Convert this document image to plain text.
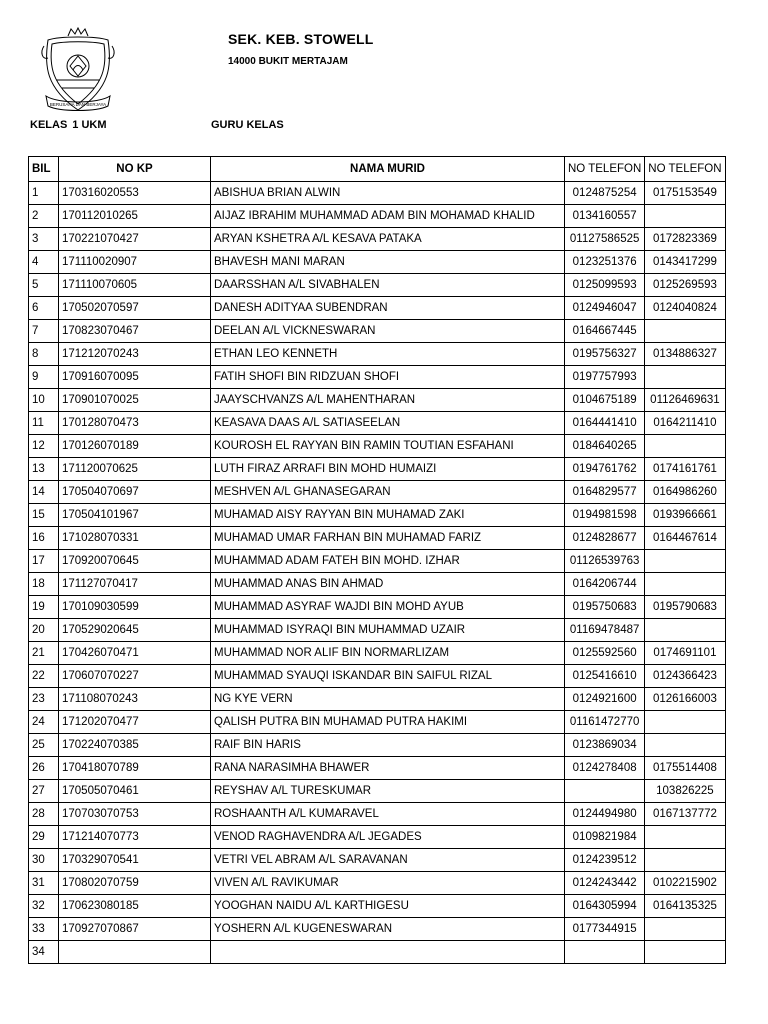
BERUSAHA DAN BERJAYA
SEK. KEB. STOWELL
14000 BUKIT MERTAJAM
KELAS 1 UKM	GURU KELAS
BIL	NO KP	NAMA MURID	NO TELEFON	NO TELEFON
1	170316020553	ABISHUA BRIAN ALWIN	0124875254	0175153549
2	170112010265	AIJAZ IBRAHIM MUHAMMAD ADAM BIN MOHAMAD KHALID	0134160557	
3	170221070427	ARYAN KSHETRA A/L KESAVA PATAKA	01127586525	0172823369
4	171110020907	BHAVESH MANI MARAN	0123251376	0143417299
5	171110070605	DAARSSHAN A/L SIVABHALEN	0125099593	0125269593
6	170502070597	DANESH ADITYAA SUBENDRAN	0124946047	0124040824
7	170823070467	DEELAN A/L VICKNESWARAN	0164667445	
8	171212070243	ETHAN LEO KENNETH	0195756327	0134886327
9	170916070095	FATIH SHOFI BIN RIDZUAN SHOFI	0197757993	
10	170901070025	JAAYSCHVANZS A/L MAHENTHARAN	0104675189	01126469631
11	170128070473	KEASAVA DAAS A/L SATIASEELAN	0164441410	0164211410
12	170126070189	KOUROSH EL RAYYAN BIN RAMIN TOUTIAN ESFAHANI	0184640265	
13	171120070625	LUTH FIRAZ ARRAFI BIN MOHD HUMAIZI	0194761762	0174161761
14	170504070697	MESHVEN A/L GHANASEGARAN	0164829577	0164986260
15	170504101967	MUHAMAD AISY RAYYAN BIN MUHAMAD ZAKI	0194981598	0193966661
16	171028070331	MUHAMAD UMAR FARHAN BIN MUHAMAD FARIZ	0124828677	0164467614
17	170920070645	MUHAMMAD ADAM FATEH BIN MOHD. IZHAR	01126539763	
18	171127070417	MUHAMMAD ANAS BIN AHMAD	0164206744	
19	170109030599	MUHAMMAD ASYRAF WAJDI BIN MOHD AYUB	0195750683	0195790683
20	170529020645	MUHAMMAD ISYRAQI BIN MUHAMMAD UZAIR	01169478487	
21	170426070471	MUHAMMAD NOR ALIF BIN NORMARLIZAM	0125592560	0174691101
22	170607070227	MUHAMMAD SYAUQI ISKANDAR BIN SAIFUL RIZAL	0125416610	0124366423
23	171108070243	NG KYE VERN	0124921600	0126166003
24	171202070477	QALISH PUTRA BIN MUHAMAD PUTRA HAKIMI	01161472770	
25	170224070385	RAIF BIN HARIS	0123869034	
26	170418070789	RANA NARASIMHA BHAWER	0124278408	0175514408
27	170505070461	REYSHAV A/L TURESKUMAR		103826225
28	170703070753	ROSHAANTH A/L KUMARAVEL	0124494980	0167137772
29	171214070773	VENOD RAGHAVENDRA A/L JEGADES	0109821984	
30	170329070541	VETRI VEL ABRAM A/L SARAVANAN	0124239512	
31	170802070759	VIVEN A/L RAVIKUMAR	0124243442	0102215902
32	170623080185	YOOGHAN NAIDU A/L KARTHIGESU	0164305994	0164135325
33	170927070867	YOSHERN A/L KUGENESWARAN	0177344915	
34				
